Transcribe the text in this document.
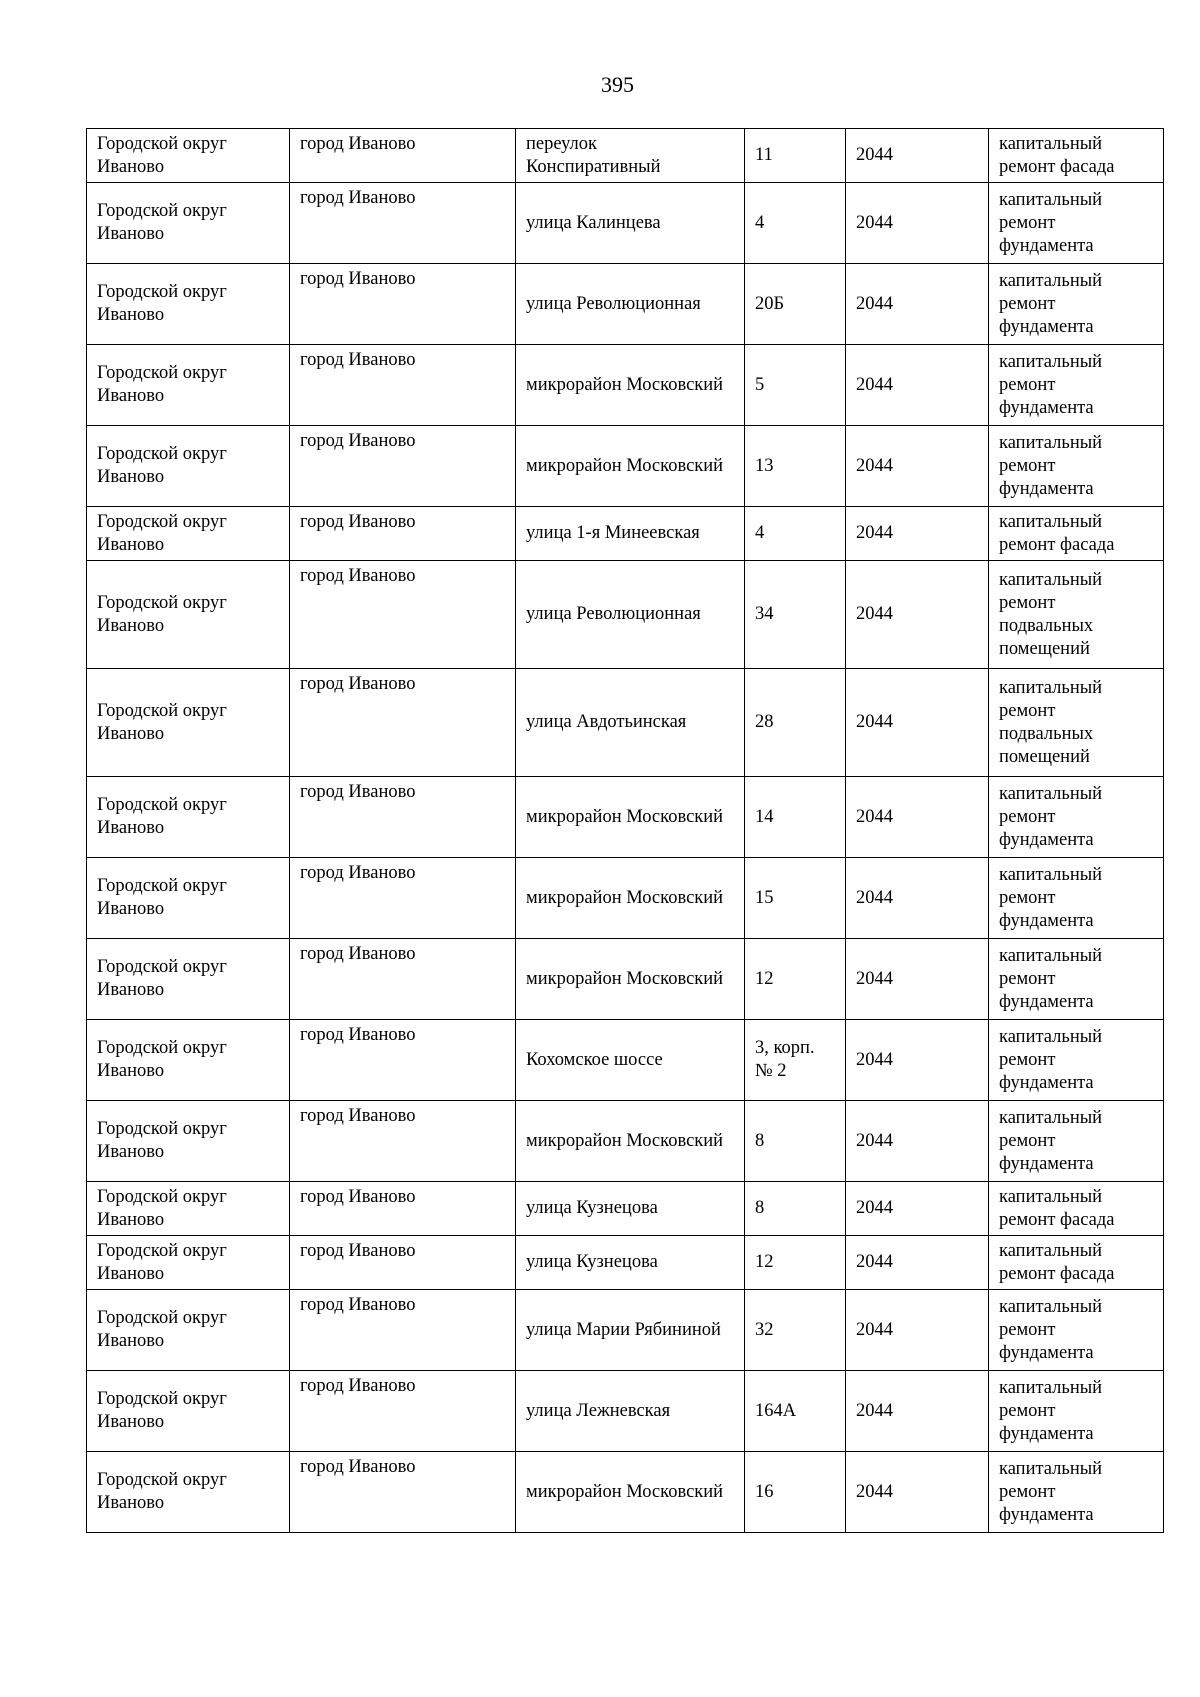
395
Городской округ Иваново	город Иваново	переулок Конспиративный	11	2044	капитальный ремонт фасада
Городской округ Иваново	город Иваново	улица Калинцева	4	2044	капитальный ремонт фундамента
Городской округ Иваново	город Иваново	улица Революционная	20Б	2044	капитальный ремонт фундамента
Городской округ Иваново	город Иваново	микрорайон Московский	5	2044	капитальный ремонт фундамента
Городской округ Иваново	город Иваново	микрорайон Московский	13	2044	капитальный ремонт фундамента
Городской округ Иваново	город Иваново	улица 1-я Минеевская	4	2044	капитальный ремонт фасада
Городской округ Иваново	город Иваново	улица Революционная	34	2044	капитальный ремонт подвальных помещений
Городской округ Иваново	город Иваново	улица Авдотьинская	28	2044	капитальный ремонт подвальных помещений
Городской округ Иваново	город Иваново	микрорайон Московский	14	2044	капитальный ремонт фундамента
Городской округ Иваново	город Иваново	микрорайон Московский	15	2044	капитальный ремонт фундамента
Городской округ Иваново	город Иваново	микрорайон Московский	12	2044	капитальный ремонт фундамента
Городской округ Иваново	город Иваново	Кохомское шоссе	3, корп. № 2	2044	капитальный ремонт фундамента
Городской округ Иваново	город Иваново	микрорайон Московский	8	2044	капитальный ремонт фундамента
Городской округ Иваново	город Иваново	улица Кузнецова	8	2044	капитальный ремонт фасада
Городской округ Иваново	город Иваново	улица Кузнецова	12	2044	капитальный ремонт фасада
Городской округ Иваново	город Иваново	улица Марии Рябининой	32	2044	капитальный ремонт фундамента
Городской округ Иваново	город Иваново	улица Лежневская	164А	2044	капитальный ремонт фундамента
Городской округ Иваново	город Иваново	микрорайон Московский	16	2044	капитальный ремонт фундамента
